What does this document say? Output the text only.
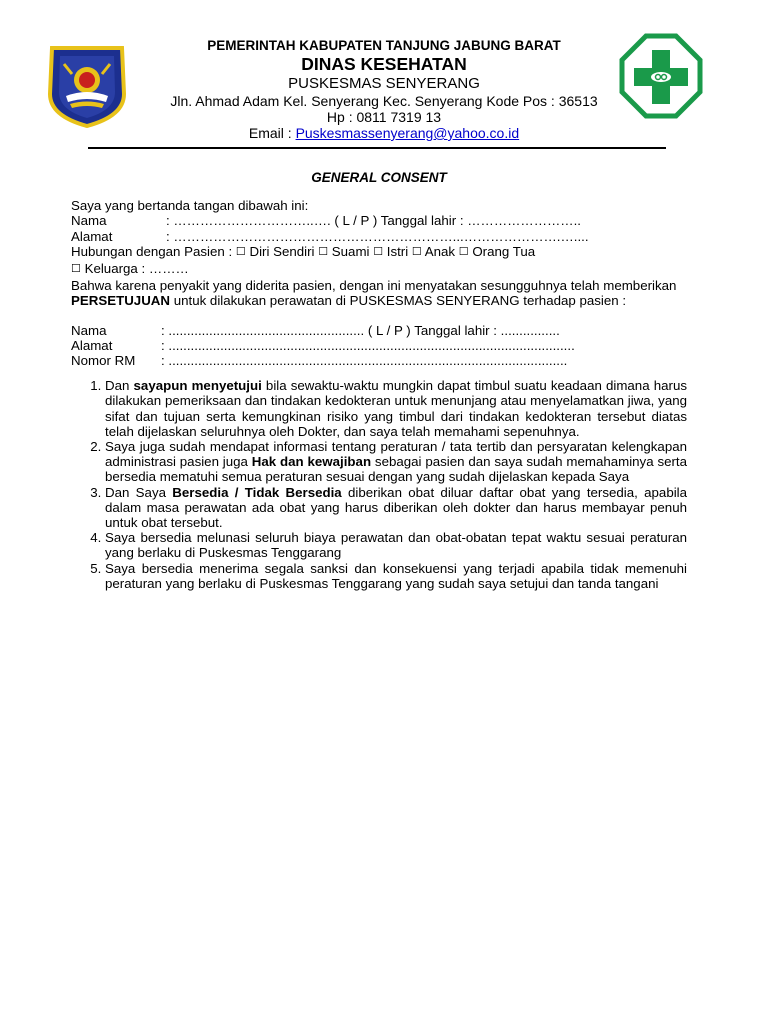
PEMERINTAH KABUPATEN TANJUNG JABUNG BARAT
DINAS KESEHATAN
PUSKESMAS SENYERANG
Jln. Ahmad Adam Kel. Senyerang Kec. Senyerang Kode Pos : 36513
Hp : 0811 7319 13
Email : Puskesmassenyerang@yahoo.co.id
GENERAL CONSENT
Saya yang bertanda tangan dibawah ini:
Nama	: …………………………..…. ( L / P ) Tanggal lahir : ……………………..
Alamat	: ………………………………………………………...………………….…....
Hubungan dengan Pasien : ☐ Diri Sendiri ☐ Suami ☐ Istri ☐ Anak ☐ Orang Tua
☐ Keluarga : ………
Bahwa karena penyakit yang diderita pasien, dengan ini menyatakan sesungguhnya telah memberikan PERSETUJUAN untuk dilakukan perawatan di PUSKESMAS SENYERANG terhadap pasien :
Nama	: ..................................................... ( L / P ) Tanggal lahir : ................
Alamat	: ..............................................................................................................
Nomor RM : ............................................................................................................
1. Dan sayapun menyetujui bila sewaktu-waktu mungkin dapat timbul suatu keadaan dimana harus dilakukan pemeriksaan dan tindakan kedokteran untuk menunjang atau menyelamatkan jiwa, yang sifat dan tujuan serta kemungkinan risiko yang timbul dari tindakan kedokteran tersebut diatas telah dijelaskan seluruhnya oleh Dokter, dan saya telah memahami sepenuhnya.
2. Saya juga sudah mendapat informasi tentang peraturan / tata tertib dan persyaratan kelengkapan administrasi pasien juga Hak dan kewajiban sebagai pasien dan saya sudah memahaminya serta bersedia mematuhi semua peraturan sesuai dengan yang sudah dijelaskan kepada Saya
3. Dan Saya Bersedia / Tidak Bersedia diberikan obat diluar daftar obat yang tersedia, apabila dalam masa perawatan ada obat yang harus diberikan oleh dokter dan harus membayar penuh untuk obat tersebut.
4. Saya bersedia melunasi seluruh biaya perawatan dan obat-obatan tepat waktu sesuai peraturan yang berlaku di Puskesmas Tenggarang
5. Saya bersedia menerima segala sanksi dan konsekuensi yang terjadi apabila tidak memenuhi peraturan yang berlaku di Puskesmas Tenggarang yang sudah saya setujui dan tanda tangani
